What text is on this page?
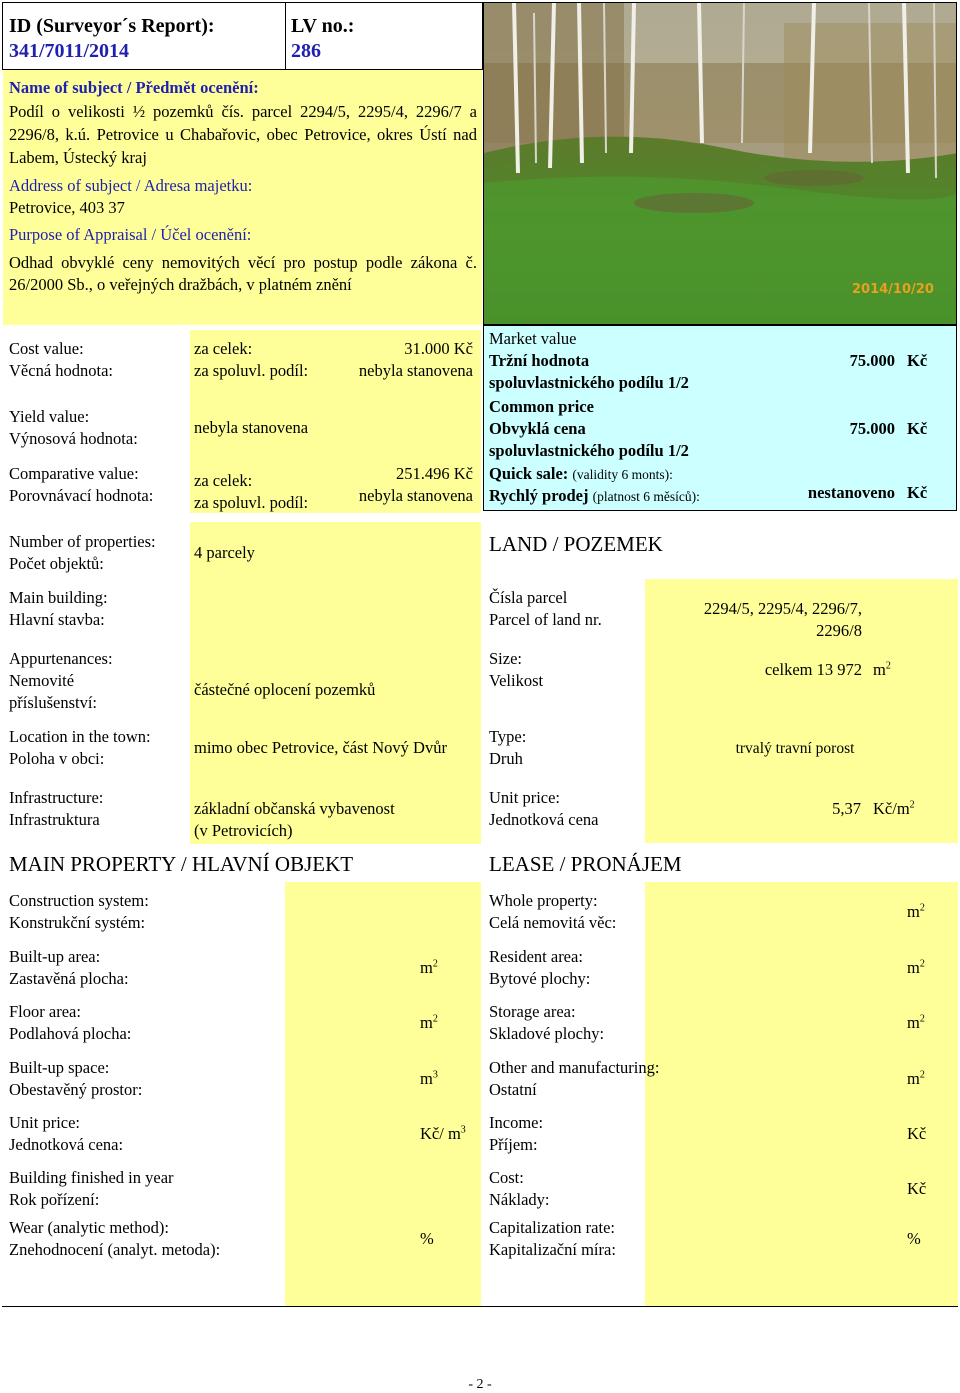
ID (Surveyor´s Report):
341/7011/2014
LV no.:
286
Name of subject / Předmět ocenění:
Podíl o velikosti ½ pozemků čís. parcel 2294/5, 2295/4, 2296/7 a 2296/8, k.ú. Petrovice u Chabařovic, obec Petrovice, okres Ústí nad Labem, Ústecký kraj
Address of subject / Adresa majetku:
Petrovice, 403 37
Purpose of Appraisal / Účel ocenění:
Odhad obvyklé ceny nemovitých věcí pro postup podle zákona č. 26/2000 Sb., o veřejných dražbách, v platném znění	2014/10/20
Cost value:
Věcná hodnota:
za celek:	31.000 Kč
za spoluvl. podíl:	nebyla stanovena
Yield value:
Výnosová hodnota:
nebyla stanovena
Comparative value:
Porovnávací hodnota:
za celek:	251.496 Kč
za spoluvl. podíl:	nebyla stanovena
Market value
Tržní hodnota
spoluvlastnického podílu 1/2
75.000 Kč
Common price
Obvyklá cena
spoluvlastnického podílu 1/2
75.000 Kč
Quick sale: (validity 6 monts):
Rychlý prodej (platnost 6 měsíců):	nestanoveno Kč
Number of properties:
Počet objektů:
4 parcely
Main building:
Hlavní stavba:
Appurtenances:
Nemovité
příslušenství:
částečné oplocení pozemků
Location in the town:
Poloha v obci:
mimo obec Petrovice, část Nový Dvůr
Infrastructure:
Infrastruktura
základní občanská vybavenost
(v Petrovicích)
LAND / POZEMEK
Čísla parcel
Parcel of land nr.
2294/5, 2295/4, 2296/7,
2296/8
Size:
Velikost
celkem 13 972 $m^2$
Type:
Druh
trvalý travní porost
Unit price:
Jednotková cena
5,37 $Kč/m^2$
MAIN PROPERTY / HLAVNÍ OBJEKT	LEASE / PRONÁJEM
Construction system:
Konstrukční systém:
Built-up area:
Zastavěná plocha:
$m^2$
Floor area:
Podlahová plocha:
$m^2$
Built-up space:
Obestavěný prostor:
$m^3$
Unit price:
Jednotková cena:
Kč/ $m^3$
Building finished in year
Rok pořízení:
Wear (analytic method):
Znehodnocení (analyt. metoda):
%
Whole property:
Celá nemovitá věc:
$m^2$
Resident area:
Bytové plochy:
$m^2$
Storage area:
Skladové plochy:
$m^2$
Other and manufacturing:
Ostatní
$m^2$
Income:
Příjem:
Kč
Cost:
Náklady:
Kč
Capitalization rate:
Kapitalizační míra:
%
- 2 -
